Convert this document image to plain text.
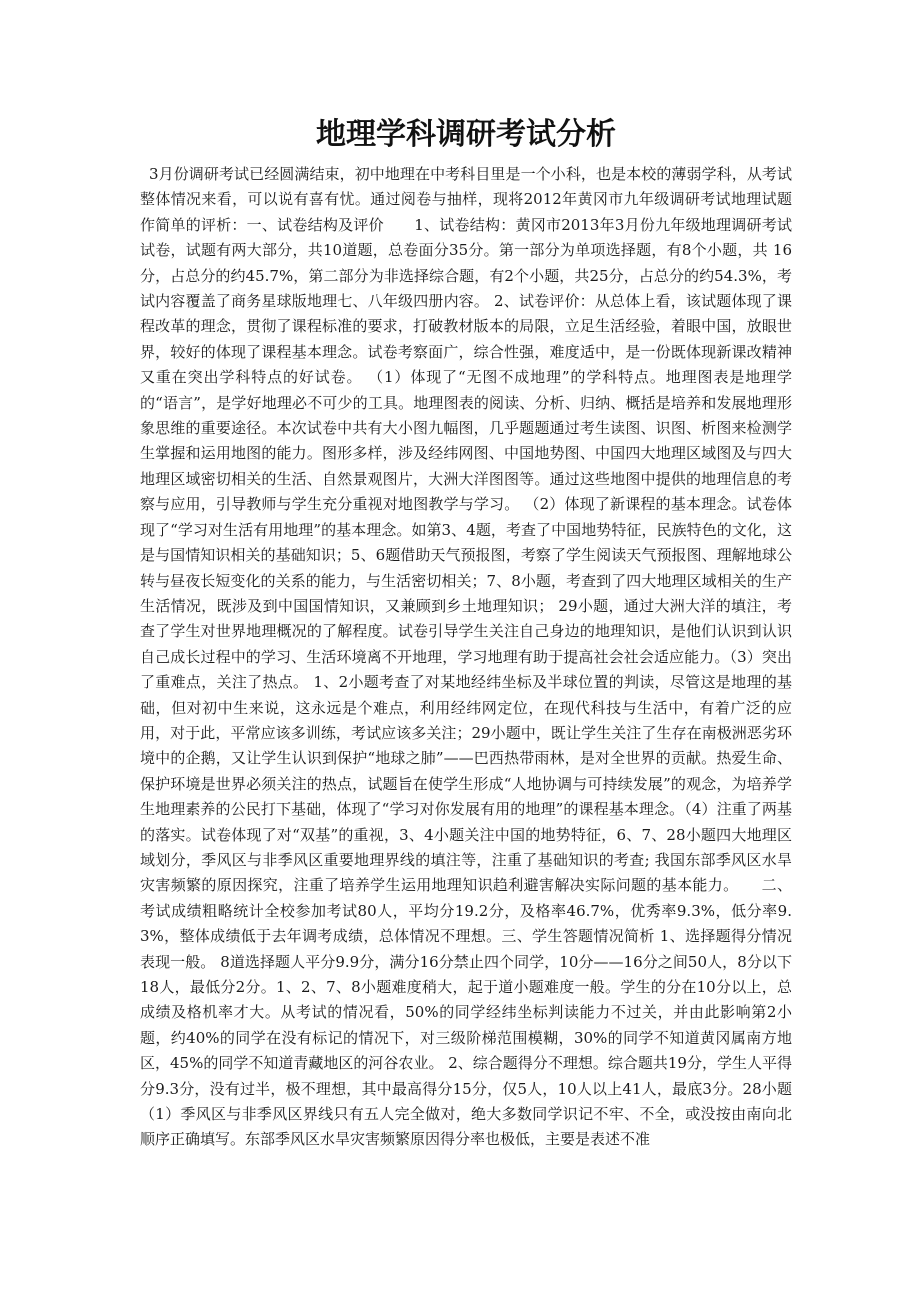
地理学科调研考试分析

3月份调研考试已经圆满结束，初中地理在中考科目里是一个小科，也是本校的薄弱学科，从考试整体情况来看，可以说有喜有忧。通过阅卷与抽样，现将2012年黄冈市九年级调研考试地理试题作简单的评析：一、试卷结构及评价　　1、试卷结构：黄冈市2013年3月份九年级地理调研考试试卷，试题有两大部分，共10道题，总卷面分35分。第一部分为单项选择题，有8个小题，共 16分，占总分的约45.7%，第二部分为非选择综合题，有2个小题，共25分，占总分的约54.3%，考试内容覆盖了商务星球版地理七、八年级四册内容。 2、试卷评价：从总体上看，该试题体现了课程改革的理念，贯彻了课程标准的要求，打破教材版本的局限，立足生活经验，着眼中国，放眼世界，较好的体现了课程基本理念。试卷考察面广，综合性强，难度适中，是一份既体现新课改精神又重在突出学科特点的好试卷。 （1）体现了“无图不成地理”的学科特点。地理图表是地理学的“语言”，是学好地理必不可少的工具。地理图表的阅读、分析、归纳、概括是培养和发展地理形象思维的重要途径。本次试卷中共有大小图九幅图，几乎题题通过考生读图、识图、析图来检测学生掌握和运用地图的能力。图形多样，涉及经纬网图、中国地势图、中国四大地理区域图及与四大地理区域密切相关的生活、自然景观图片，大洲大洋图图等。通过这些地图中提供的地理信息的考察与应用，引导教师与学生充分重视对地图教学与学习。 （2）体现了新课程的基本理念。试卷体现了“学习对生活有用地理”的基本理念。如第3、4题，考查了中国地势特征，民族特色的文化，这是与国情知识相关的基础知识；5、6题借助天气预报图，考察了学生阅读天气预报图、理解地球公转与昼夜长短变化的关系的能力，与生活密切相关；7、8小题，考查到了四大地理区域相关的生产生活情况，既涉及到中国国情知识，又兼顾到乡土地理知识； 29小题，通过大洲大洋的填注，考查了学生对世界地理概况的了解程度。试卷引导学生关注自己身边的地理知识，是他们认识到认识自己成长过程中的学习、生活环境离不开地理，学习地理有助于提高社会社会适应能力。（3）突出了重难点，关注了热点。 1、2小题考查了对某地经纬坐标及半球位置的判读，尽管这是地理的基础，但对初中生来说，这永远是个难点，利用经纬网定位，在现代科技与生活中，有着广泛的应用，对于此，平常应该多训练，考试应该多关注；29小题中，既让学生关注了生存在南极洲恶劣环境中的企鹅，又让学生认识到保护“地球之肺”——巴西热带雨林，是对全世界的贡献。热爱生命、保护环境是世界必须关注的热点，试题旨在使学生形成“人地协调与可持续发展”的观念，为培养学生地理素养的公民打下基础，体现了“学习对你发展有用的地理”的课程基本理念。（4）注重了两基的落实。试卷体现了对“双基”的重视，3、4小题关注中国的地势特征，6、7、28小题四大地理区域划分，季风区与非季风区重要地理界线的填注等，注重了基础知识的考查; 我国东部季风区水旱灾害频繁的原因探究，注重了培养学生运用地理知识趋利避害解决实际问题的基本能力。　　二、考试成绩粗略统计全校参加考试80人，平均分19.2分，及格率46.7%，优秀率9.3%，低分率9.3%，整体成绩低于去年调考成绩，总体情况不理想。三、学生答题情况简析 1、选择题得分情况表现一般。 8道选择题人平分9.9分，满分16分禁止四个同学，10分——16分之间50人，8分以下18人，最低分2分。1、2、7、8小题难度稍大，起于道小题难度一般。学生的分在10分以上，总成绩及格机率才大。从考试的情况看，50%的同学经纬坐标判读能力不过关，并由此影响第2小题，约40%的同学在没有标记的情况下，对三级阶梯范围模糊，30%的同学不知道黄冈属南方地区，45%的同学不知道青藏地区的河谷农业。 2、综合题得分不理想。综合题共19分，学生人平得分9.3分，没有过半，极不理想，其中最高得分15分，仅5人，10人以上41人，最底3分。28小题（1）季风区与非季风区界线只有五人完全做对，绝大多数同学识记不牢、不全，或没按由南向北顺序正确填写。东部季风区水旱灾害频繁原因得分率也极低，主要是表述不准
